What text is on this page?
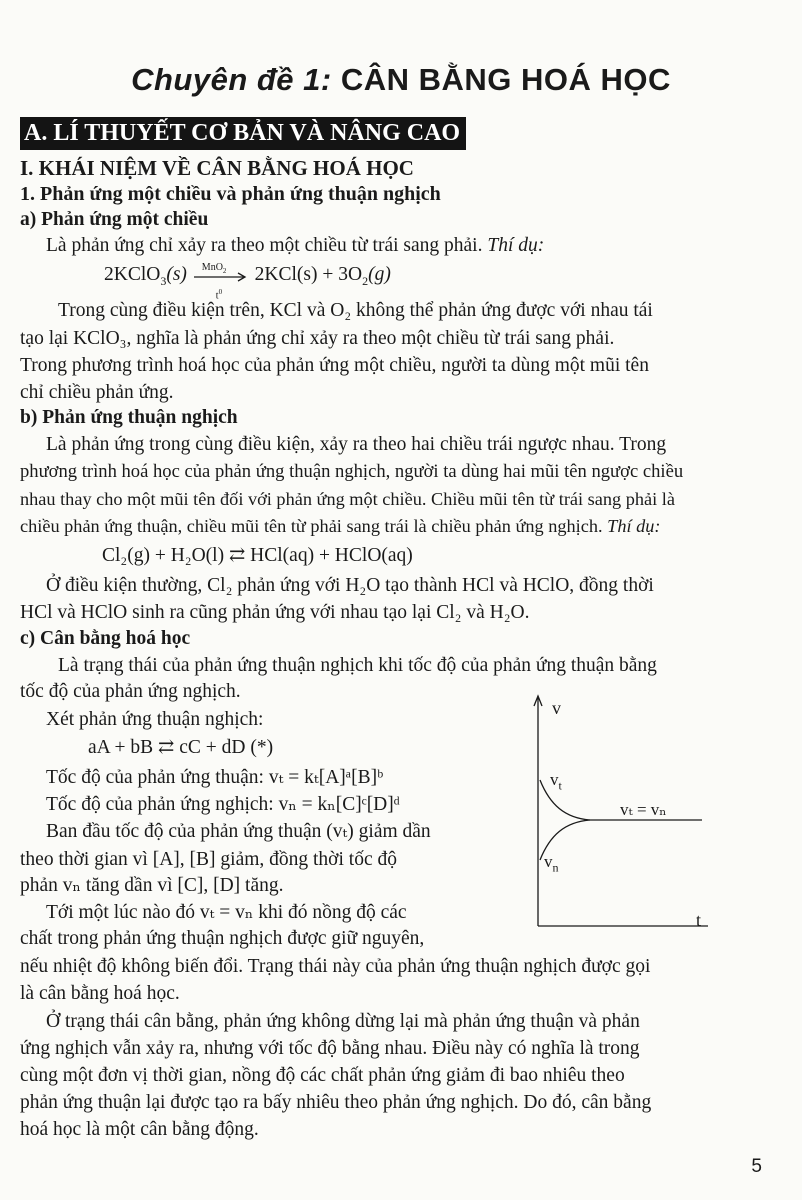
Chuyên đề 1: CÂN BẰNG HOÁ HỌC
A. LÍ THUYẾT CƠ BẢN VÀ NÂNG CAO
I. KHÁI NIỆM VỀ CÂN BẰNG HOÁ HỌC
1. Phản ứng một chiều và phản ứng thuận nghịch
a) Phản ứng một chiều
Là phản ứng chỉ xảy ra theo một chiều từ trái sang phải. Thí dụ:
2KClO$_3$(s) MnO$_2$
$t^0$
$2KCl(s) + 3O_2(g)$
Trong cùng điều kiện trên, KCl và O₂ không thể phản ứng được với nhau tái
tạo lại KClO₃, nghĩa là phản ứng chỉ xảy ra theo một chiều từ trái sang phải.
Trong phương trình hoá học của phản ứng một chiều, người ta dùng một mũi tên
chỉ chiều phản ứng.
b) Phản ứng thuận nghịch
Là phản ứng trong cùng điều kiện, xảy ra theo hai chiều trái ngược nhau. Trong
phương trình hoá học của phản ứng thuận nghịch, người ta dùng hai mũi tên ngược chiều
nhau thay cho một mũi tên đối với phản ứng một chiều. Chiều mũi tên từ trái sang phải là
chiều phản ứng thuận, chiều mũi tên từ phải sang trái là chiều phản ứng nghịch. Thí dụ:
Cl₂(g) + H₂O(l) ⇄ HCl(aq) + HClO(aq)
Ở điều kiện thường, Cl₂ phản ứng với H₂O tạo thành HCl và HClO, đồng thời
HCl và HClO sinh ra cũng phản ứng với nhau tạo lại Cl₂ và H₂O.
c) Cân bằng hoá học
Là trạng thái của phản ứng thuận nghịch khi tốc độ của phản ứng thuận bằng
tốc độ của phản ứng nghịch.
Xét phản ứng thuận nghịch:
aA + bB ⇄ cC + dD (*)
Tốc độ của phản ứng thuận: vₜ = kₜ[A]ᵃ[B]ᵇ
Tốc độ của phản ứng nghịch: vₙ = kₙ[C]ᶜ[D]ᵈ
Ban đầu tốc độ của phản ứng thuận (vₜ) giảm dần
theo thời gian vì [A], [B] giảm, đồng thời tốc độ
phản vₙ tăng dần vì [C], [D] tăng.
Tới một lúc nào đó vₜ = vₙ khi đó nồng độ các
chất trong phản ứng thuận nghịch được giữ nguyên,
nếu nhiệt độ không biến đổi. Trạng thái này của phản ứng thuận nghịch được gọi
là cân bằng hoá học.
Ở trạng thái cân bằng, phản ứng không dừng lại mà phản ứng thuận và phản
ứng nghịch vẫn xảy ra, nhưng với tốc độ bằng nhau. Điều này có nghĩa là trong
cùng một đơn vị thời gian, nồng độ các chất phản ứng giảm đi bao nhiêu theo
phản ứng thuận lại được tạo ra bấy nhiêu theo phản ứng nghịch. Do đó, cân bằng
hoá học là một cân bằng động.
v
t
$v_t$
$v_n$
vₜ = vₙ
5
